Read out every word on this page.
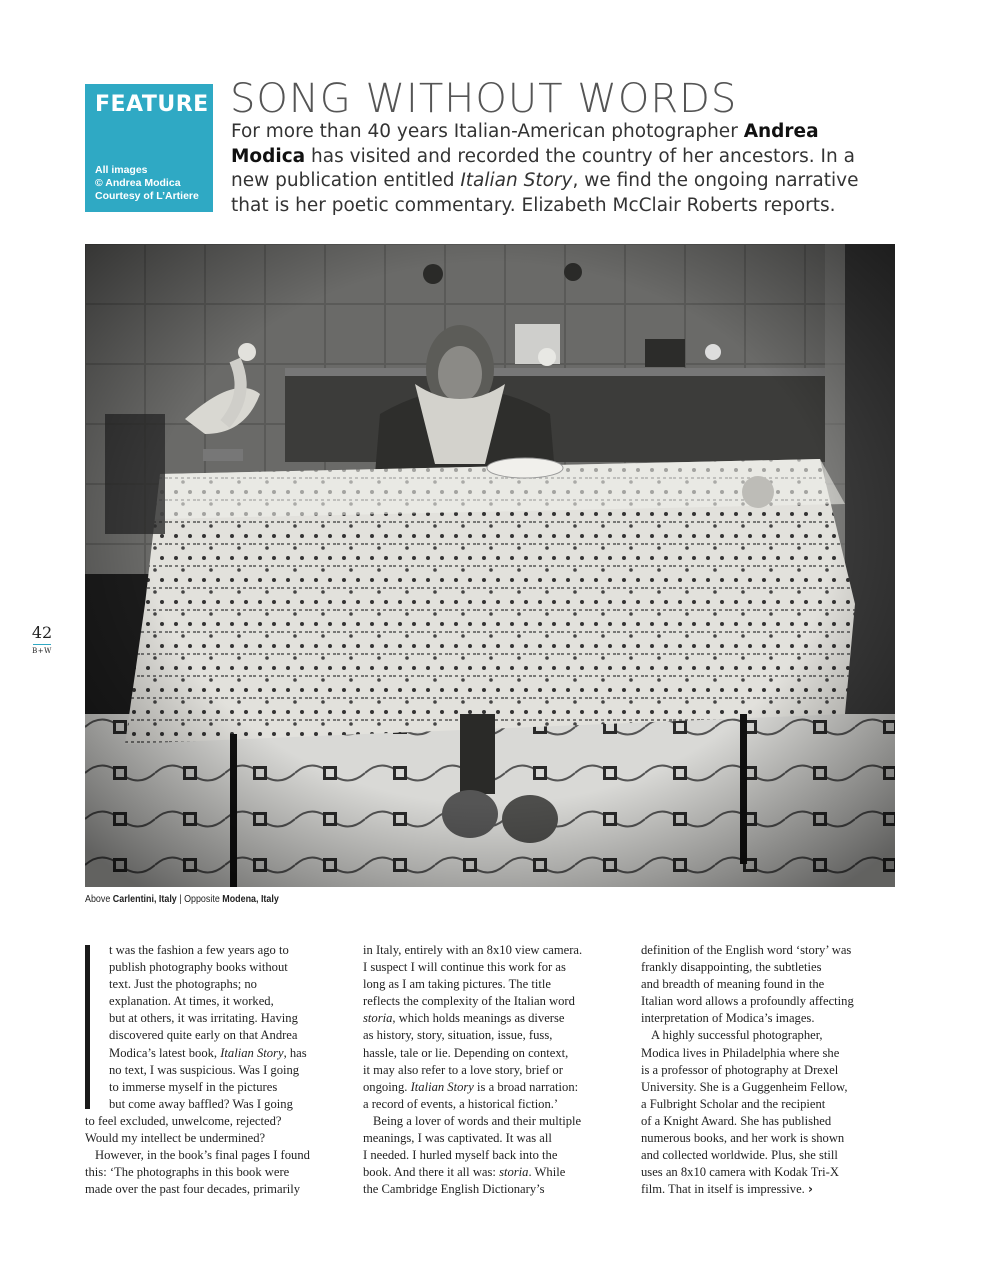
FEATURE
All images
© Andrea Modica
Courtesy of L’Artiere
SONG WITHOUT WORDS
For more than 40 years Italian-American photographer Andrea Modica has visited and recorded the country of her ancestors. In a new publication entitled Italian Story, we find the ongoing narrative that is her poetic commentary. Elizabeth McClair Roberts reports.
Above Carlentini, Italy | Opposite Modena, Italy
42
B+W

t was the fashion a few years ago to

publish photography books without

text. Just the photographs; no

explanation. At times, it worked,

but at others, it was irritating. Having

discovered quite early on that Andrea

Modica’s latest book, Italian Story, has

no text, I was suspicious. Was I going

to immerse myself in the pictures

but come away baffled? Was I going

to feel excluded, unwelcome, rejected?

Would my intellect be undermined?

However, in the book’s final pages I found

this: ‘The photographs in this book were

made over the past four decades, primarily

in Italy, entirely with an 8x10 view camera.

I suspect I will continue this work for as

long as I am taking pictures. The title

reflects the complexity of the Italian word

storia, which holds meanings as diverse

as history, story, situation, issue, fuss,

hassle, tale or lie. Depending on context,

it may also refer to a love story, brief or

ongoing. Italian Story is a broad narration:

a record of events, a historical fiction.’

Being a lover of words and their multiple

meanings, I was captivated. It was all

I needed. I hurled myself back into the

book. And there it all was: storia. While

the Cambridge English Dictionary’s

definition of the English word ‘story’ was

frankly disappointing, the subtleties

and breadth of meaning found in the

Italian word allows a profoundly affecting

interpretation of Modica’s images.

A highly successful photographer,

Modica lives in Philadelphia where she

is a professor of photography at Drexel

University. She is a Guggenheim Fellow,

a Fulbright Scholar and the recipient

of a Knight Award. She has published

numerous books, and her work is shown

and collected worldwide. Plus, she still

uses an 8x10 camera with Kodak Tri-X

film. That in itself is impressive. ›
